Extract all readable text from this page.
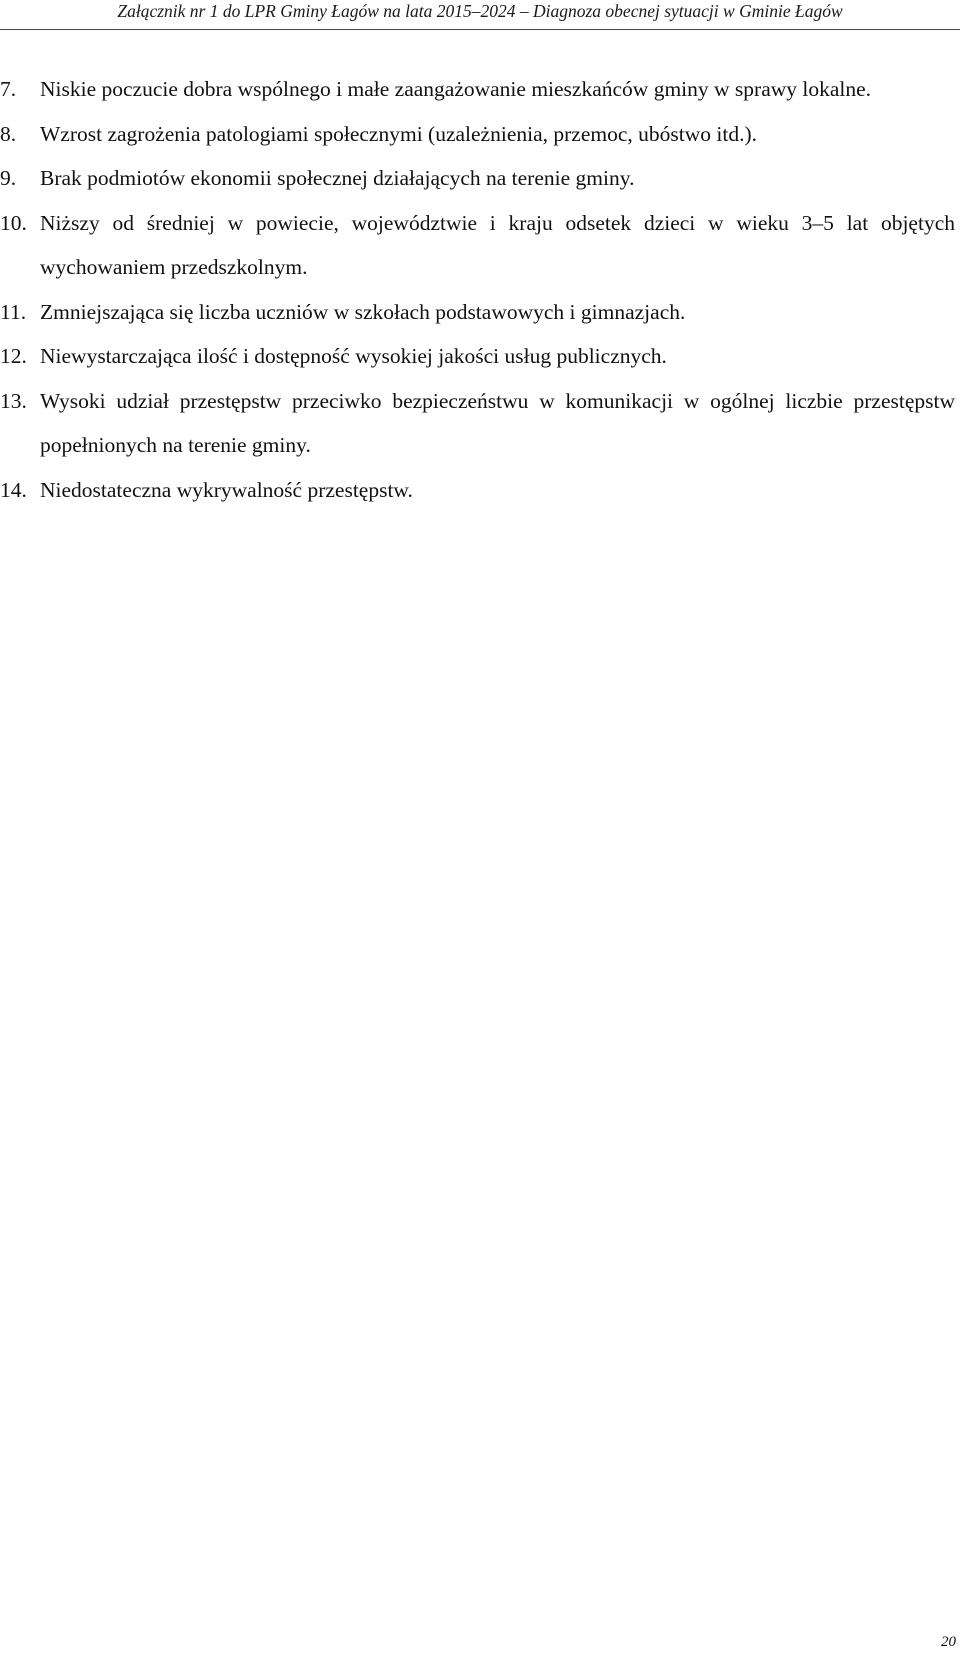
Załącznik nr 1 do LPR Gminy Łagów na lata 2015–2024 – Diagnoza obecnej sytuacji w Gminie Łagów
7. Niskie poczucie dobra wspólnego i małe zaangażowanie mieszkańców gminy w sprawy lokalne.
8. Wzrost zagrożenia patologiami społecznymi (uzależnienia, przemoc, ubóstwo itd.).
9. Brak podmiotów ekonomii społecznej działających na terenie gminy.
10. Niższy od średniej w powiecie, województwie i kraju odsetek dzieci w wieku 3–5 lat objętych wychowaniem przedszkolnym.
11. Zmniejszająca się liczba uczniów w szkołach podstawowych i gimnazjach.
12. Niewystarczająca ilość i dostępność wysokiej jakości usług publicznych.
13. Wysoki udział przestępstw przeciwko bezpieczeństwu w komunikacji w ogólnej liczbie przestępstw popełnionych na terenie gminy.
14. Niedostateczna wykrywalność przestępstw.
20
